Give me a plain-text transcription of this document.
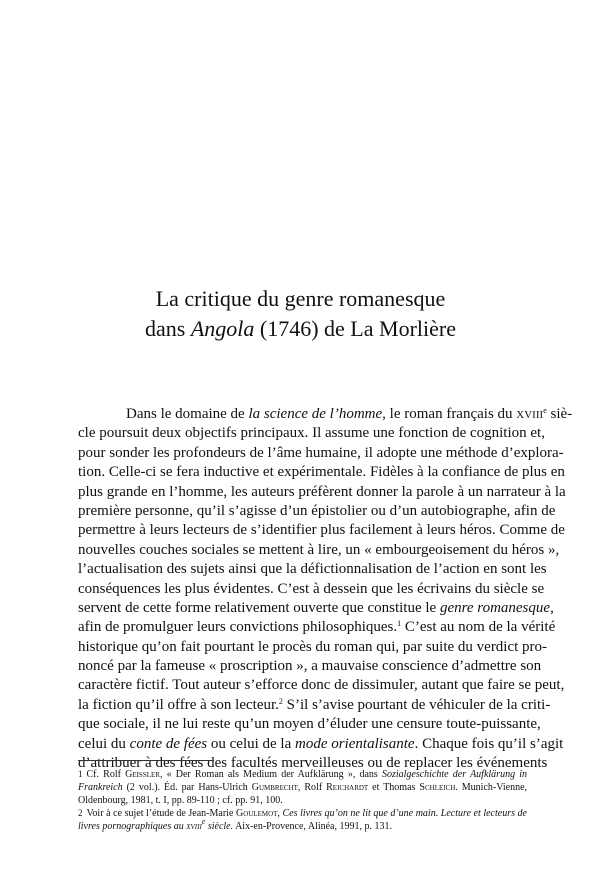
La critique du genre romanesque
dans Angola (1746) de La Morlière
Dans le domaine de la science de l’homme, le roman français du xviii$^e$ siè-
cle poursuit deux objectifs principaux. Il assume une fonction de cognition et,
pour sonder les profondeurs de l’âme humaine, il adopte une méthode d’explora-
tion. Celle-ci se fera inductive et expérimentale. Fidèles à la confiance de plus en
plus grande en l’homme, les auteurs préfèrent donner la parole à un narrateur à la
première personne, qu’il s’agisse d’un épistolier ou d’un autobiographe, afin de
permettre à leurs lecteurs de s’identifier plus facilement à leurs héros. Comme de
nouvelles couches sociales se mettent à lire, un « embourgeoisement du héros »,
l’actualisation des sujets ainsi que la défictionnalisation de l’action en sont les
conséquences les plus évidentes. C’est à dessein que les écrivains du siècle se
servent de cette forme relativement ouverte que constitue le genre romanesque,
afin de promulguer leurs convictions philosophiques.$^1$ C’est au nom de la vérité
historique qu’on fait pourtant le procès du roman qui, par suite du verdict pro-
noncé par la fameuse « proscription », a mauvaise conscience d’admettre son
caractère fictif. Tout auteur s’efforce donc de dissimuler, autant que faire se peut,
la fiction qu’il offre à son lecteur.$^2$ S’il s’avise pourtant de véhiculer de la criti-
que sociale, il ne lui reste qu’un moyen d’éluder une censure toute-puissante,
celui du conte de fées ou celui de la mode orientalisante. Chaque fois qu’il s’agit
d’attribuer à des fées des facultés merveilleuses ou de replacer les événements
1 Cf. Rolf Geissler, « Der Roman als Medium der Aufklärung », dans Sozialgeschichte der Aufklärung in
Frankreich (2 vol.). Éd. par Hans-Ulrich Gumbrecht, Rolf Reichardt et Thomas Schleich. Munich-Vienne,
Oldenbourg, 1981, t. I, pp. 89-110 ; cf. pp. 91, 100.
2 Voir à ce sujet l’étude de Jean-Marie Goulemot, Ces livres qu’on ne lit que d’une main. Lecture et lecteurs de
livres pornographiques au xviii$^e$ siècle. Aix-en-Provence, Alinéa, 1991, p. 131.
